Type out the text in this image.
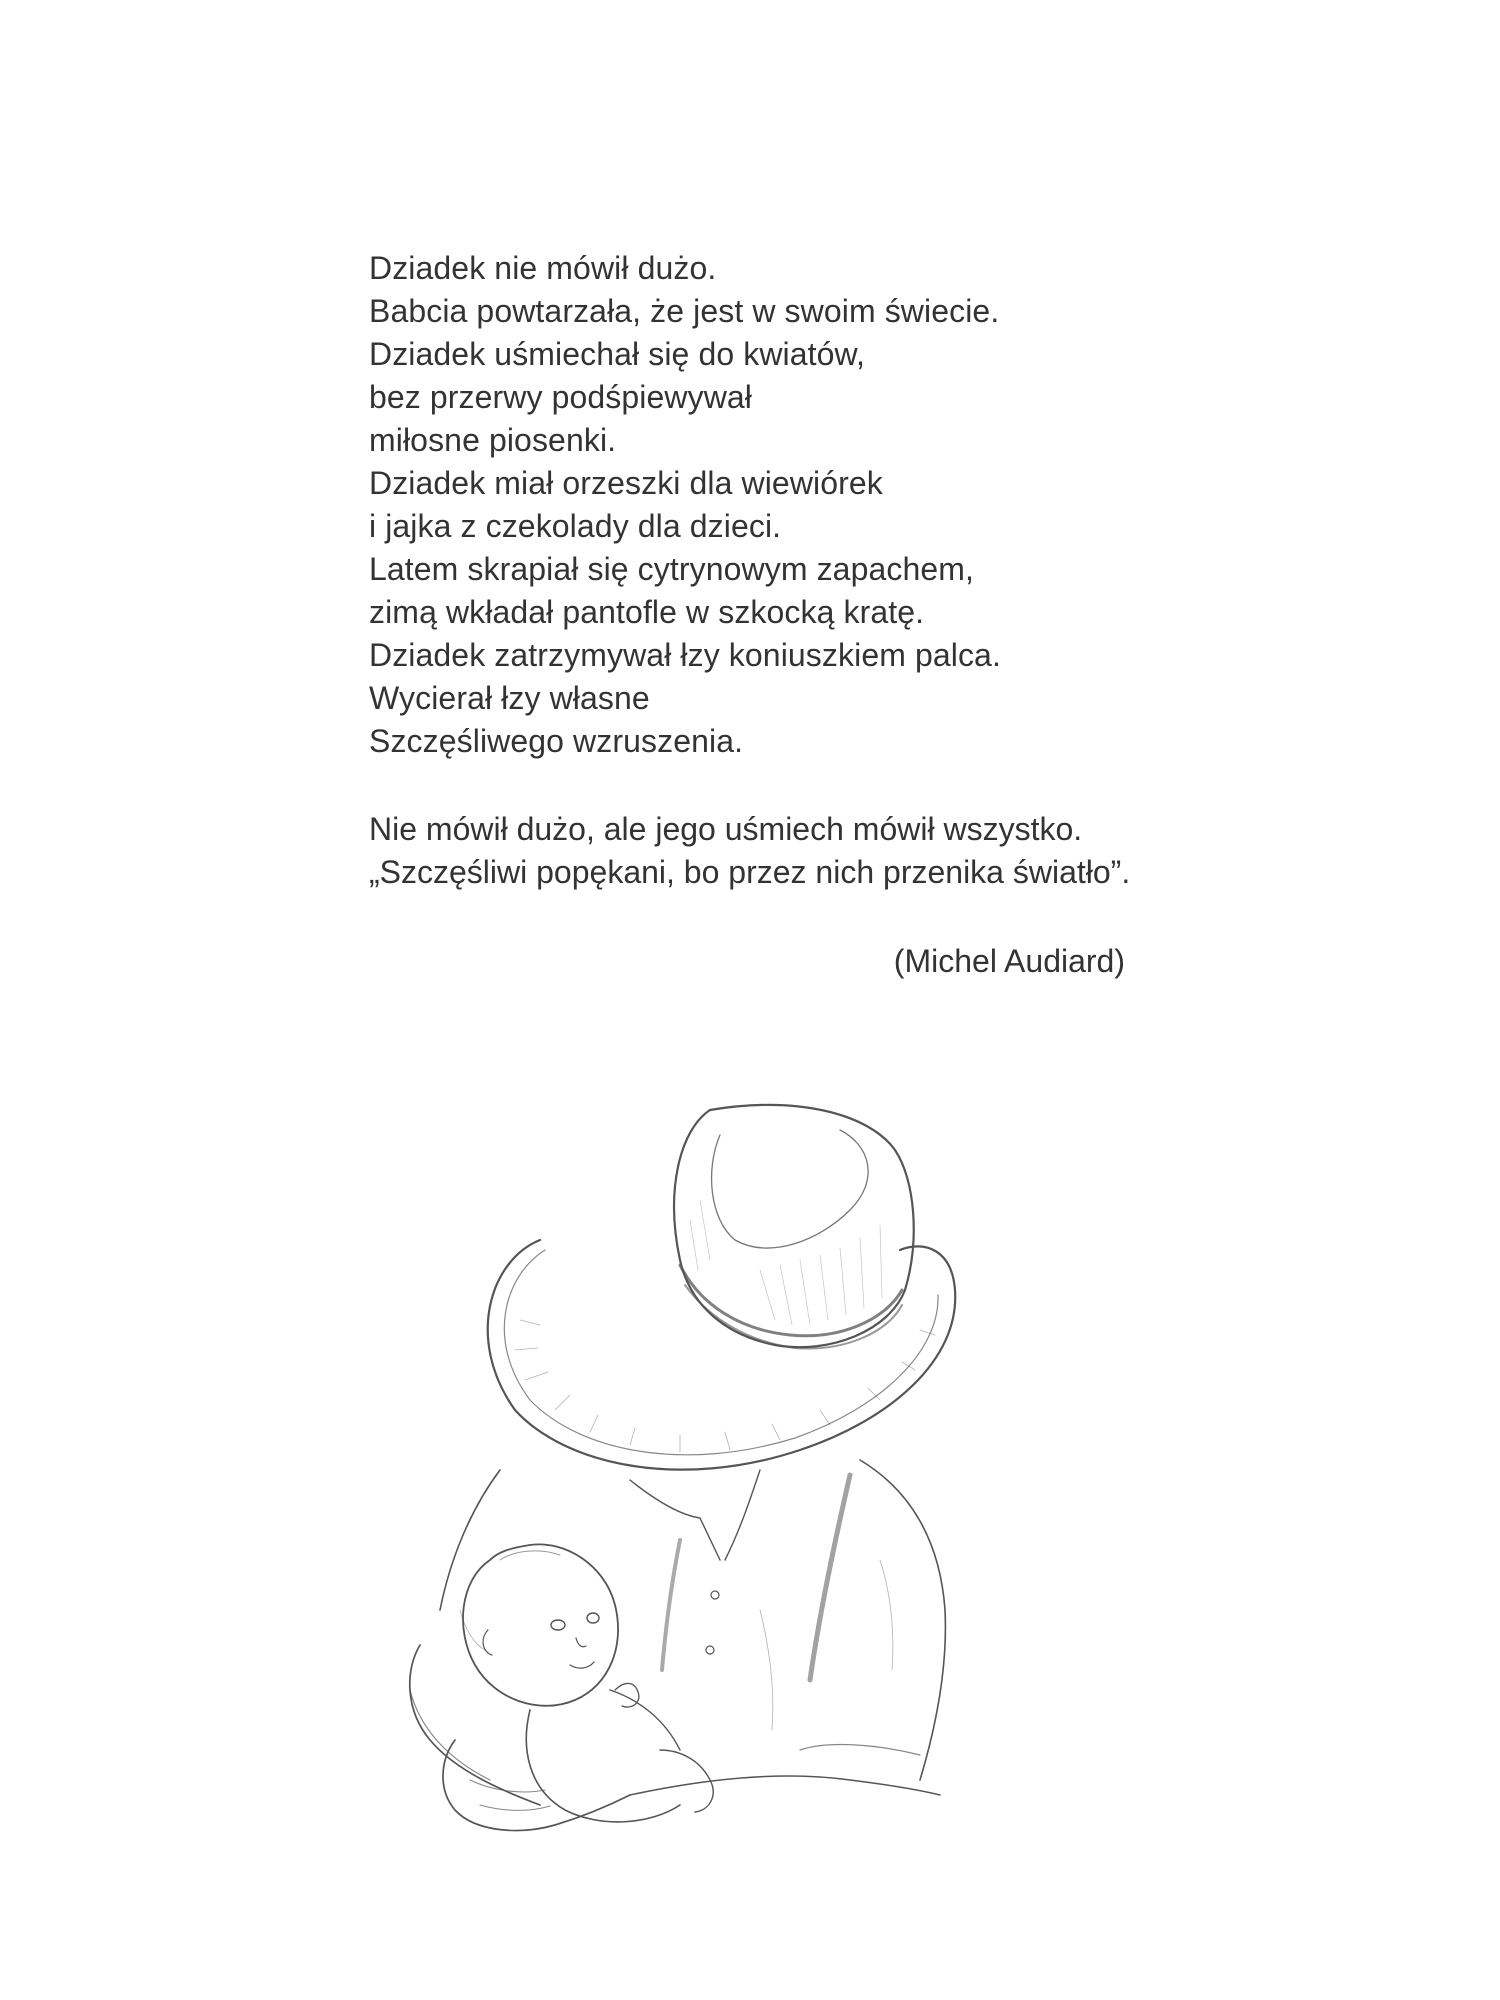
Dziadek nie mówił dużo.
Babcia powtarzała, że jest w swoim świecie.
Dziadek uśmiechał się do kwiatów,
bez przerwy podśpiewywał
miłosne piosenki.
Dziadek miał orzeszki dla wiewiórek
i jajka z czekolady dla dzieci.
Latem skrapiał się cytrynowym zapachem,
zimą wkładał pantofle w szkocką kratę.
Dziadek zatrzymywał łzy koniuszkiem palca.
Wycierał łzy własne
Szczęśliwego wzruszenia.
Nie mówił dużo, ale jego uśmiech mówił wszystko.
„Szczęśliwi popękani, bo przez nich przenika światło”.
(Michel Audiard)
